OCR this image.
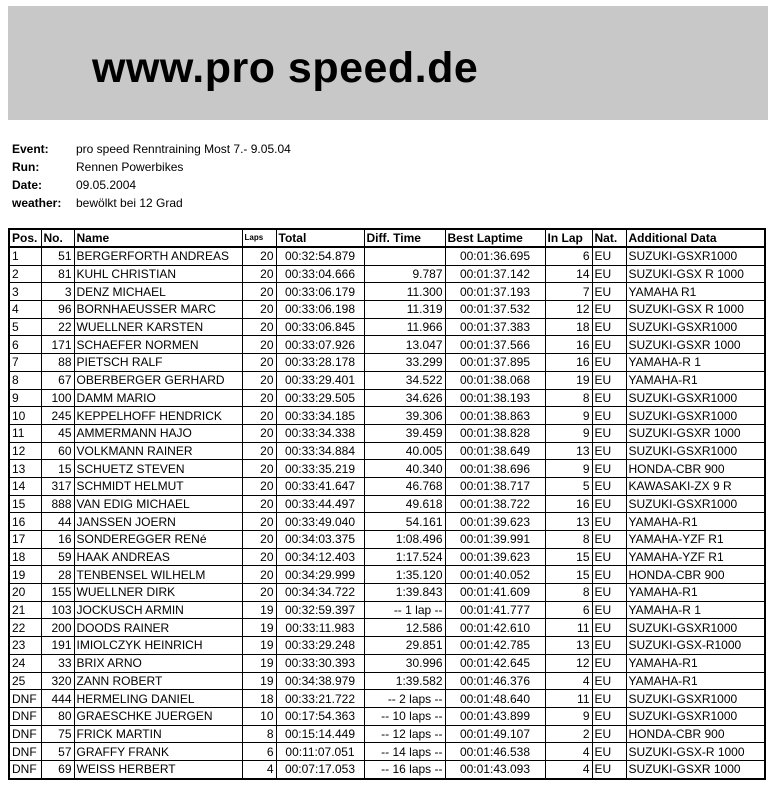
www.pro speed.de
Event:	pro speed Renntraining Most 7.- 9.05.04
Run:	Rennen Powerbikes
Date:	09.05.2004
weather:	bewölkt bei 12 Grad
Pos.	No.	Name	Laps	Total	Diff. Time	Best Laptime	In Lap	Nat.	Additional Data
1	51	BERGERFORTH ANDREAS	20	00:32:54.879		00:01:36.695	6	EU	SUZUKI-GSXR1000
2	81	KUHL CHRISTIAN	20	00:33:04.666	9.787	00:01:37.142	14	EU	SUZUKI-GSX R 1000
3	3	DENZ MICHAEL	20	00:33:06.179	11.300	00:01:37.193	7	EU	YAMAHA R1
4	96	BORNHAEUSSER MARC	20	00:33:06.198	11.319	00:01:37.532	12	EU	SUZUKI-GSX R 1000
5	22	WUELLNER KARSTEN	20	00:33:06.845	11.966	00:01:37.383	18	EU	SUZUKI-GSXR1000
6	171	SCHAEFER NORMEN	20	00:33:07.926	13.047	00:01:37.566	16	EU	SUZUKI-GSXR 1000
7	88	PIETSCH RALF	20	00:33:28.178	33.299	00:01:37.895	16	EU	YAMAHA-R 1
8	67	OBERBERGER GERHARD	20	00:33:29.401	34.522	00:01:38.068	19	EU	YAMAHA-R1
9	100	DAMM MARIO	20	00:33:29.505	34.626	00:01:38.193	8	EU	SUZUKI-GSXR1000
10	245	KEPPELHOFF HENDRICK	20	00:33:34.185	39.306	00:01:38.863	9	EU	SUZUKI-GSXR1000
11	45	AMMERMANN HAJO	20	00:33:34.338	39.459	00:01:38.828	9	EU	SUZUKI-GSXR 1000
12	60	VOLKMANN RAINER	20	00:33:34.884	40.005	00:01:38.649	13	EU	SUZUKI-GSXR1000
13	15	SCHUETZ STEVEN	20	00:33:35.219	40.340	00:01:38.696	9	EU	HONDA-CBR 900
14	317	SCHMIDT HELMUT	20	00:33:41.647	46.768	00:01:38.717	5	EU	KAWASAKI-ZX 9 R
15	888	VAN EDIG MICHAEL	20	00:33:44.497	49.618	00:01:38.722	16	EU	SUZUKI-GSXR1000
16	44	JANSSEN JOERN	20	00:33:49.040	54.161	00:01:39.623	13	EU	YAMAHA-R1
17	16	SONDEREGGER RENé	20	00:34:03.375	1:08.496	00:01:39.991	8	EU	YAMAHA-YZF R1
18	59	HAAK ANDREAS	20	00:34:12.403	1:17.524	00:01:39.623	15	EU	YAMAHA-YZF R1
19	28	TENBENSEL WILHELM	20	00:34:29.999	1:35.120	00:01:40.052	15	EU	HONDA-CBR 900
20	155	WUELLNER DIRK	20	00:34:34.722	1:39.843	00:01:41.609	8	EU	YAMAHA-R1
21	103	JOCKUSCH ARMIN	19	00:32:59.397	-- 1 lap --	00:01:41.777	6	EU	YAMAHA-R 1
22	200	DOODS RAINER	19	00:33:11.983	12.586	00:01:42.610	11	EU	SUZUKI-GSXR1000
23	191	IMIOLCZYK HEINRICH	19	00:33:29.248	29.851	00:01:42.785	13	EU	SUZUKI-GSX-R1000
24	33	BRIX ARNO	19	00:33:30.393	30.996	00:01:42.645	12	EU	YAMAHA-R1
25	320	ZANN ROBERT	19	00:34:38.979	1:39.582	00:01:46.376	4	EU	YAMAHA-R1
DNF	444	HERMELING DANIEL	18	00:33:21.722	-- 2 laps --	00:01:48.640	11	EU	SUZUKI-GSXR1000
DNF	80	GRAESCHKE JUERGEN	10	00:17:54.363	-- 10 laps --	00:01:43.899	9	EU	SUZUKI-GSXR1000
DNF	75	FRICK MARTIN	8	00:15:14.449	-- 12 laps --	00:01:49.107	2	EU	HONDA-CBR 900
DNF	57	GRAFFY FRANK	6	00:11:07.051	-- 14 laps --	00:01:46.538	4	EU	SUZUKI-GSX-R 1000
DNF	69	WEISS HERBERT	4	00:07:17.053	-- 16 laps --	00:01:43.093	4	EU	SUZUKI-GSXR 1000
